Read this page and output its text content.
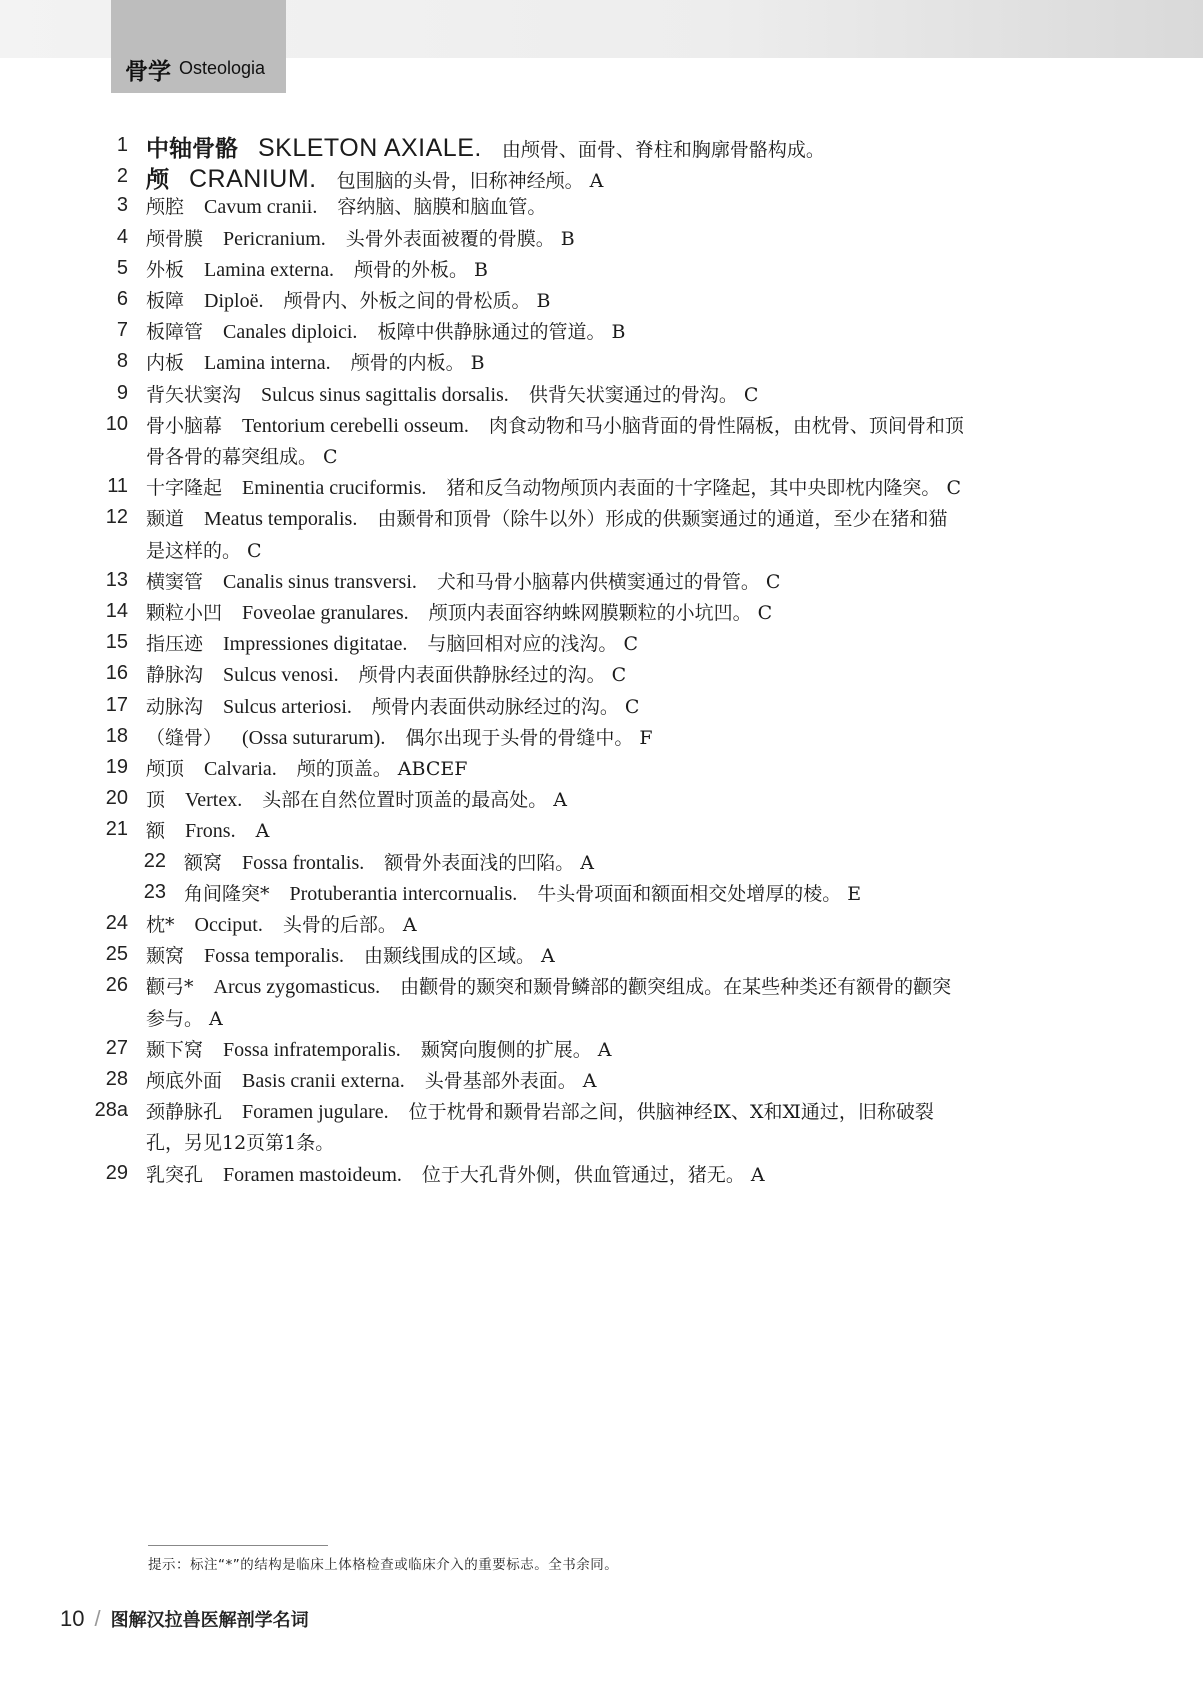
骨学 Osteologia
1 中轴骨骼 SKLETON AXIALE. 由颅骨、面骨、脊柱和胸廓骨骼构成。
2 颅 CRANIUM. 包围脑的头骨，旧称神经颅。 A
3 颅腔 Cavum cranii. 容纳脑、脑膜和脑血管。
4 颅骨膜 Pericranium. 头骨外表面被覆的骨膜。 B
5 外板 Lamina externa. 颅骨的外板。 B
6 板障 Diploë. 颅骨内、外板之间的骨松质。 B
7 板障管 Canales diploici. 板障中供静脉通过的管道。 B
8 内板 Lamina interna. 颅骨的内板。 B
9 背矢状窦沟 Sulcus sinus sagittalis dorsalis. 供背矢状窦通过的骨沟。 C
10 骨小脑幕 Tentorium cerebelli osseum. 肉食动物和马小脑背面的骨性隔板，由枕骨、顶间骨和顶
骨各骨的幕突组成。 C
11 十字隆起 Eminentia cruciformis. 猪和反刍动物颅顶内表面的十字隆起，其中央即枕内隆突。 C
12 颞道 Meatus temporalis. 由颞骨和顶骨（除牛以外）形成的供颞窦通过的通道，至少在猪和猫
是这样的。 C
13 横窦管 Canalis sinus transversi. 犬和马骨小脑幕内供横窦通过的骨管。 C
14 颗粒小凹 Foveolae granulares. 颅顶内表面容纳蛛网膜颗粒的小坑凹。 C
15 指压迹 Impressiones digitatae. 与脑回相对应的浅沟。 C
16 静脉沟 Sulcus venosi. 颅骨内表面供静脉经过的沟。 C
17 动脉沟 Sulcus arteriosi. 颅骨内表面供动脉经过的沟。 C
18 （缝骨） (Ossa suturarum). 偶尔出现于头骨的骨缝中。 F
19 颅顶 Calvaria. 颅的顶盖。 ABCEF
20 顶 Vertex. 头部在自然位置时顶盖的最高处。 A
21 额 Frons. A
22 额窝 Fossa frontalis. 额骨外表面浅的凹陷。 A
23 角间隆突* Protuberantia intercornualis. 牛头骨项面和额面相交处增厚的棱。 E
24 枕* Occiput. 头骨的后部。 A
25 颞窝 Fossa temporalis. 由颞线围成的区域。 A
26 颧弓* Arcus zygomasticus. 由颧骨的颞突和颞骨鳞部的颧突组成。在某些种类还有额骨的颧突
参与。 A
27 颞下窝 Fossa infratemporalis. 颞窝向腹侧的扩展。 A
28 颅底外面 Basis cranii externa. 头骨基部外表面。 A
28a 颈静脉孔 Foramen jugulare. 位于枕骨和颞骨岩部之间，供脑神经Ⅸ、Ⅹ和Ⅺ通过，旧称破裂
孔，另见12页第1条。
29 乳突孔 Foramen mastoideum. 位于大孔背外侧，供血管通过，猪无。 A
提示：标注“*”的结构是临床上体格检查或临床介入的重要标志。全书余同。
10 / 图解汉拉兽医解剖学名词
